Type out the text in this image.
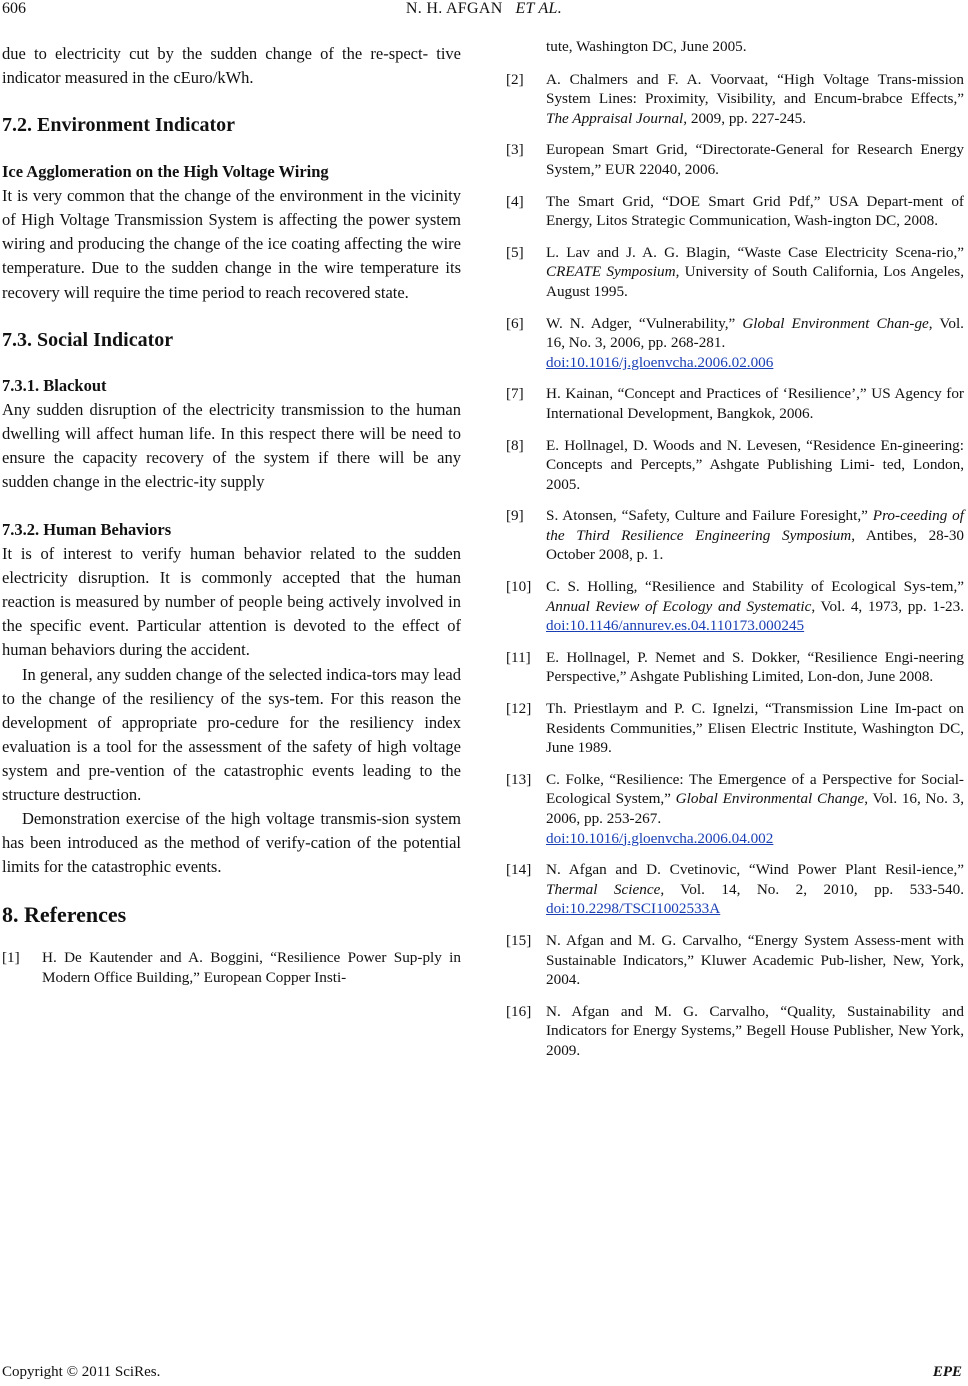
606	N. H. AFGAN ET AL.

due to electricity cut by the sudden change of the re-spect- tive indicator measured in the cEuro/kWh.

7.2. Environment Indicator
Ice Agglomeration on the High Voltage Wiring

It is very common that the change of the environment in the vicinity of High Voltage Transmission System is affecting the power system wiring and producing the change of the ice coating affecting the wire temperature. Due to the sudden change in the wire temperature its recovery will require the time period to reach recovered state.

7.3. Social Indicator
7.3.1. Blackout

Any sudden disruption of the electricity transmission to the human dwelling will affect human life. In this respect there will be need to ensure the capacity recovery of the system if there will be any sudden change in the electric-ity supply

7.3.2. Human Behaviors

It is of interest to verify human behavior related to the sudden electricity disruption. It is commonly accepted that the human reaction is measured by number of people being actively involved in the specific event. Particular attention is devoted to the effect of human behaviors during the accident.

In general, any sudden change of the selected indica-tors may lead to the change of the resiliency of the sys-tem. For this reason the development of appropriate pro-cedure for the resiliency index evaluation is a tool for the assessment of the safety of high voltage system and pre-vention of the catastrophic events leading to the structure destruction.

Demonstration exercise of the high voltage transmis-sion system has been introduced as the method of verify-cation of the potential limits for the catastrophic events.

8. References
[1]	H. De Kautender and A. Boggini, “Resilience Power Sup-ply in Modern Office Building,” European Copper Insti-
tute, Washington DC, June 2005.
[2]	A. Chalmers and F. A. Voorvaat, “High Voltage Trans-mission System Lines: Proximity, Visibility, and Encum-brabce Effects,” The Appraisal Journal, 2009, pp. 227-245.
[3]	European Smart Grid, “Directorate-General for Research Energy System,” EUR 22040, 2006.
[4]	The Smart Grid, “DOE Smart Grid Pdf,” USA Depart-ment of Energy, Litos Strategic Communication, Wash-ington DC, 2008.
[5]	L. Lav and J. A. G. Blagin, “Waste Case Electricity Scena-rio,” CREATE Symposium, University of South California, Los Angeles, August 1995.
[6]	W. N. Adger, “Vulnerability,” Global Environment Chan-ge, Vol. 16, No. 3, 2006, pp. 268-281.
doi:10.1016/j.gloenvcha.2006.02.006
[7]	H. Kainan, “Concept and Practices of ‘Resilience’,” US Agency for International Development, Bangkok, 2006.
[8]	E. Hollnagel, D. Woods and N. Levesen, “Residence En-gineering: Concepts and Percepts,” Ashgate Publishing Limi- ted, London, 2005.
[9]	S. Atonsen, “Safety, Culture and Failure Foresight,” Pro-ceeding of the Third Resilience Engineering Symposium, Antibes, 28-30 October 2008, p. 1.
[10] C. S. Holling, “Resilience and Stability of Ecological Sys-tem,” Annual Review of Ecology and Systematic, Vol. 4, 1973, pp. 1-23. doi:10.1146/annurev.es.04.110173.000245
[11]	E. Hollnagel, P. Nemet and S. Dokker, “Resilience Engi-neering Perspective,” Ashgate Publishing Limited, Lon-don, June 2008.
[12] Th. Priestlaym and P. C. Ignelzi, “Transmission Line Im-pact on Residents Communities,” Elisen Electric Institute, Washington DC, June 1989.
[13] C. Folke, “Resilience: The Emergence of a Perspective for Social-Ecological System,” Global Environmental Change, Vol. 16, No. 3, 2006, pp. 253-267.
doi:10.1016/j.gloenvcha.2006.04.002
[14] N. Afgan and D. Cvetinovic, “Wind Power Plant Resil-ience,” Thermal Science, Vol. 14, No. 2, 2010, pp. 533-540. doi:10.2298/TSCI1002533A
[15] N. Afgan and M. G. Carvalho, “Energy System Assess-ment with Sustainable Indicators,” Kluwer Academic Pub-lisher, New, York, 2004.
[16] N. Afgan and M. G. Carvalho, “Quality, Sustainability and Indicators for Energy Systems,” Begell House Publisher, New York, 2009.
Copyright © 2011 SciRes.	EPE
